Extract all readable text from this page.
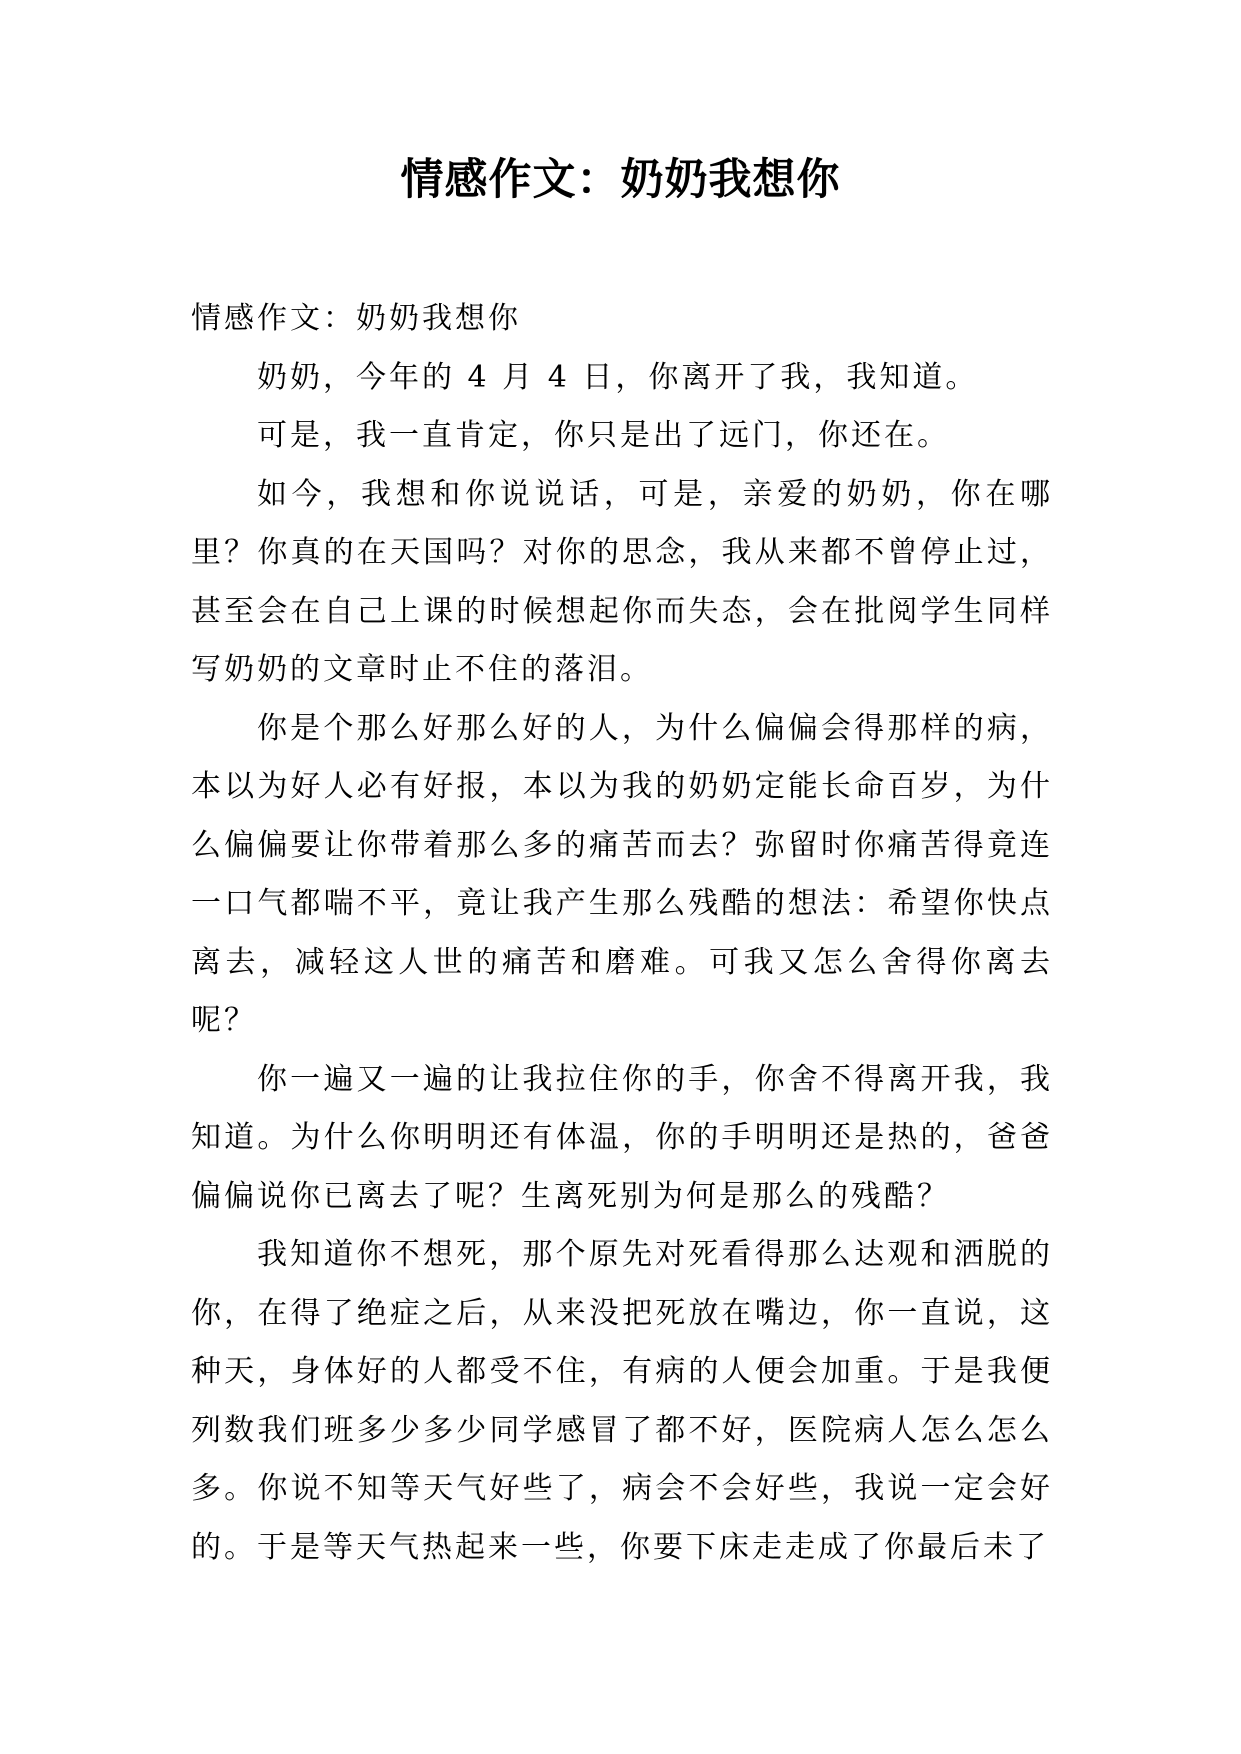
情感作文：奶奶我想你

情感作文：奶奶我想你

奶奶，今年的 4 月 4 日，你离开了我，我知道。

可是，我一直肯定，你只是出了远门，你还在。

如今，我想和你说说话，可是，亲爱的奶奶，你在哪里？你真的在天国吗？对你的思念，我从来都不曾停止过，甚至会在自己上课的时候想起你而失态，会在批阅学生同样写奶奶的文章时止不住的落泪。

你是个那么好那么好的人，为什么偏偏会得那样的病，本以为好人必有好报，本以为我的奶奶定能长命百岁，为什么偏偏要让你带着那么多的痛苦而去？弥留时你痛苦得竟连一口气都喘不平，竟让我产生那么残酷的想法：希望你快点离去，减轻这人世的痛苦和磨难。可我又怎么舍得你离去呢？

你一遍又一遍的让我拉住你的手，你舍不得离开我，我知道。为什么你明明还有体温，你的手明明还是热的，爸爸偏偏说你已离去了呢？生离死别为何是那么的残酷？

我知道你不想死，那个原先对死看得那么达观和洒脱的你，在得了绝症之后，从来没把死放在嘴边，你一直说，这种天，身体好的人都受不住，有病的人便会加重。于是我便列数我们班多少多少同学感冒了都不好，医院病人怎么怎么多。你说不知等天气好些了，病会不会好些，我说一定会好的。于是等天气热起来一些，你要下床走走成了你最后未了
